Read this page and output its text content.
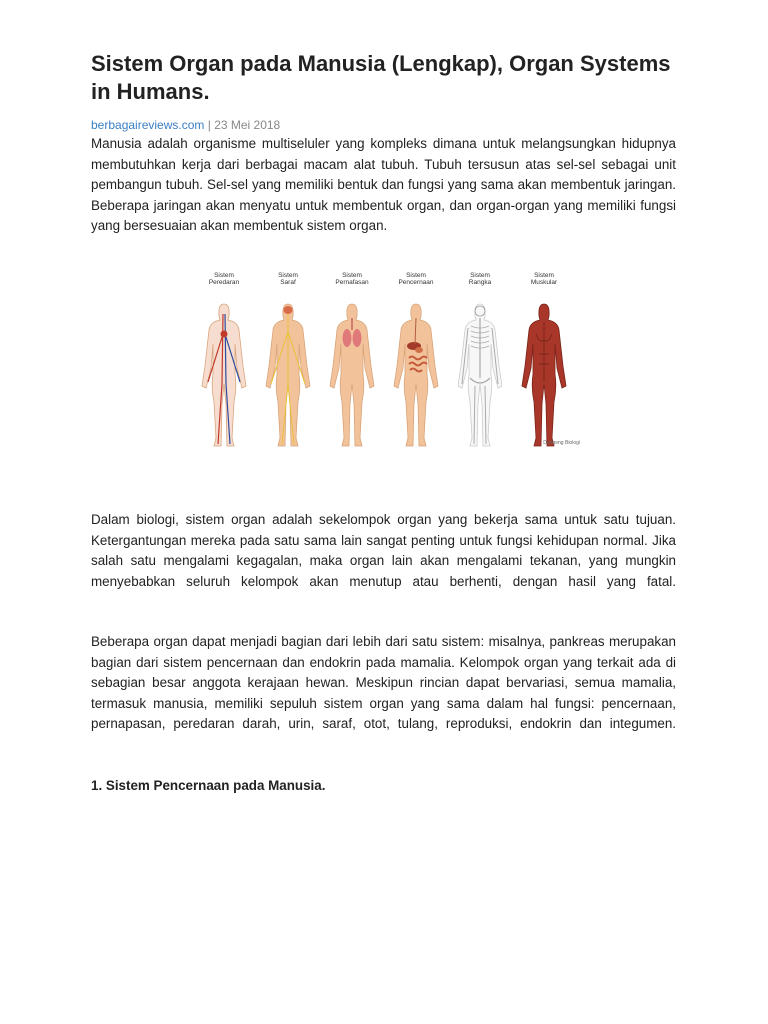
Sistem Organ pada Manusia (Lengkap), Organ Systems in Humans.
berbagaireviews.com | 23 Mei 2018

Manusia adalah organisme multiseluler yang kompleks dimana untuk melangsungkan hidupnya membutuhkan kerja dari berbagai macam alat tubuh. Tubuh tersusun atas sel-sel sebagai unit pembangun tubuh. Sel-sel yang memiliki bentuk dan fungsi yang sama akan membentuk jaringan. Beberapa jaringan akan menyatu untuk membentuk organ, dan organ-organ yang memiliki fungsi yang bersesuaian akan membentuk sistem organ.

Sistem
Peredaran
Sistem
Saraf
Sistem
Pernafasan
Sistem
Pencernaan
Sistem
Rangka
Sistem
Muskular
Dongeng Biologi

Dalam biologi, sistem organ adalah sekelompok organ yang bekerja sama untuk satu tujuan. Ketergantungan mereka pada satu sama lain sangat penting untuk fungsi kehidupan normal. Jika salah satu mengalami kegagalan, maka organ lain akan mengalami tekanan, yang mungkin menyebabkan seluruh kelompok akan menutup atau berhenti, dengan hasil yang fatal.

Beberapa organ dapat menjadi bagian dari lebih dari satu sistem: misalnya, pankreas merupakan bagian dari sistem pencernaan dan endokrin pada mamalia. Kelompok organ yang terkait ada di sebagian besar anggota kerajaan hewan. Meskipun rincian dapat bervariasi, semua mamalia, termasuk manusia, memiliki sepuluh sistem organ yang sama dalam hal fungsi: pencernaan, pernapasan, peredaran darah, urin, saraf, otot, tulang, reproduksi, endokrin dan integumen.

1. Sistem Pencernaan pada Manusia.
